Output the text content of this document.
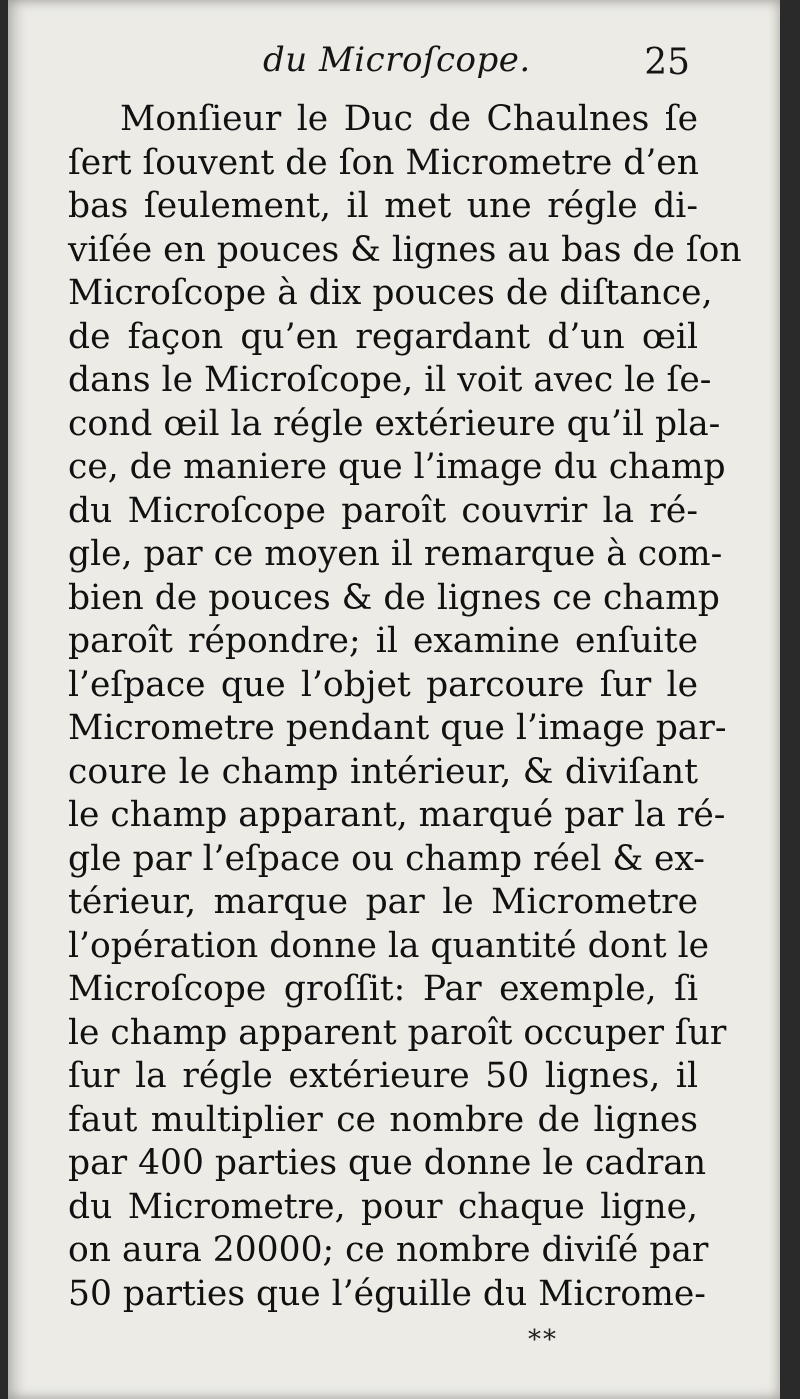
du Microſcope.	25
Monſieur le Duc de Chaulnes ſe
ſert ſouvent de ſon Micrometre d’en
bas ſeulement, il met une régle di-
viſée en pouces & lignes au bas de ſon
Microſcope à dix pouces de diſtance,
de façon qu’en regardant d’un œil
dans le Microſcope, il voit avec le ſe-
cond œil la régle extérieure qu’il pla-
ce, de maniere que l’image du champ
du Microſcope paroît couvrir la ré-
gle, par ce moyen il remarque à com-
bien de pouces & de lignes ce champ
paroît répondre; il examine enſuite
l’eſpace que l’objet parcoure ſur le
Micrometre pendant que l’image par-
coure le champ intérieur, & diviſant
le champ apparant, marqué par la ré-
gle par l’eſpace ou champ réel & ex-
térieur, marque par le Micrometre
l’opération donne la quantité dont le
Microſcope groſſit: Par exemple, ſi
le champ apparent paroît occuper ſur
ſur la régle extérieure 50 lignes, il
faut multiplier ce nombre de lignes
par 400 parties que donne le cadran
du Micrometre, pour chaque ligne,
on aura 20000; ce nombre diviſé par
50 parties que l’éguille du Microme-
**
